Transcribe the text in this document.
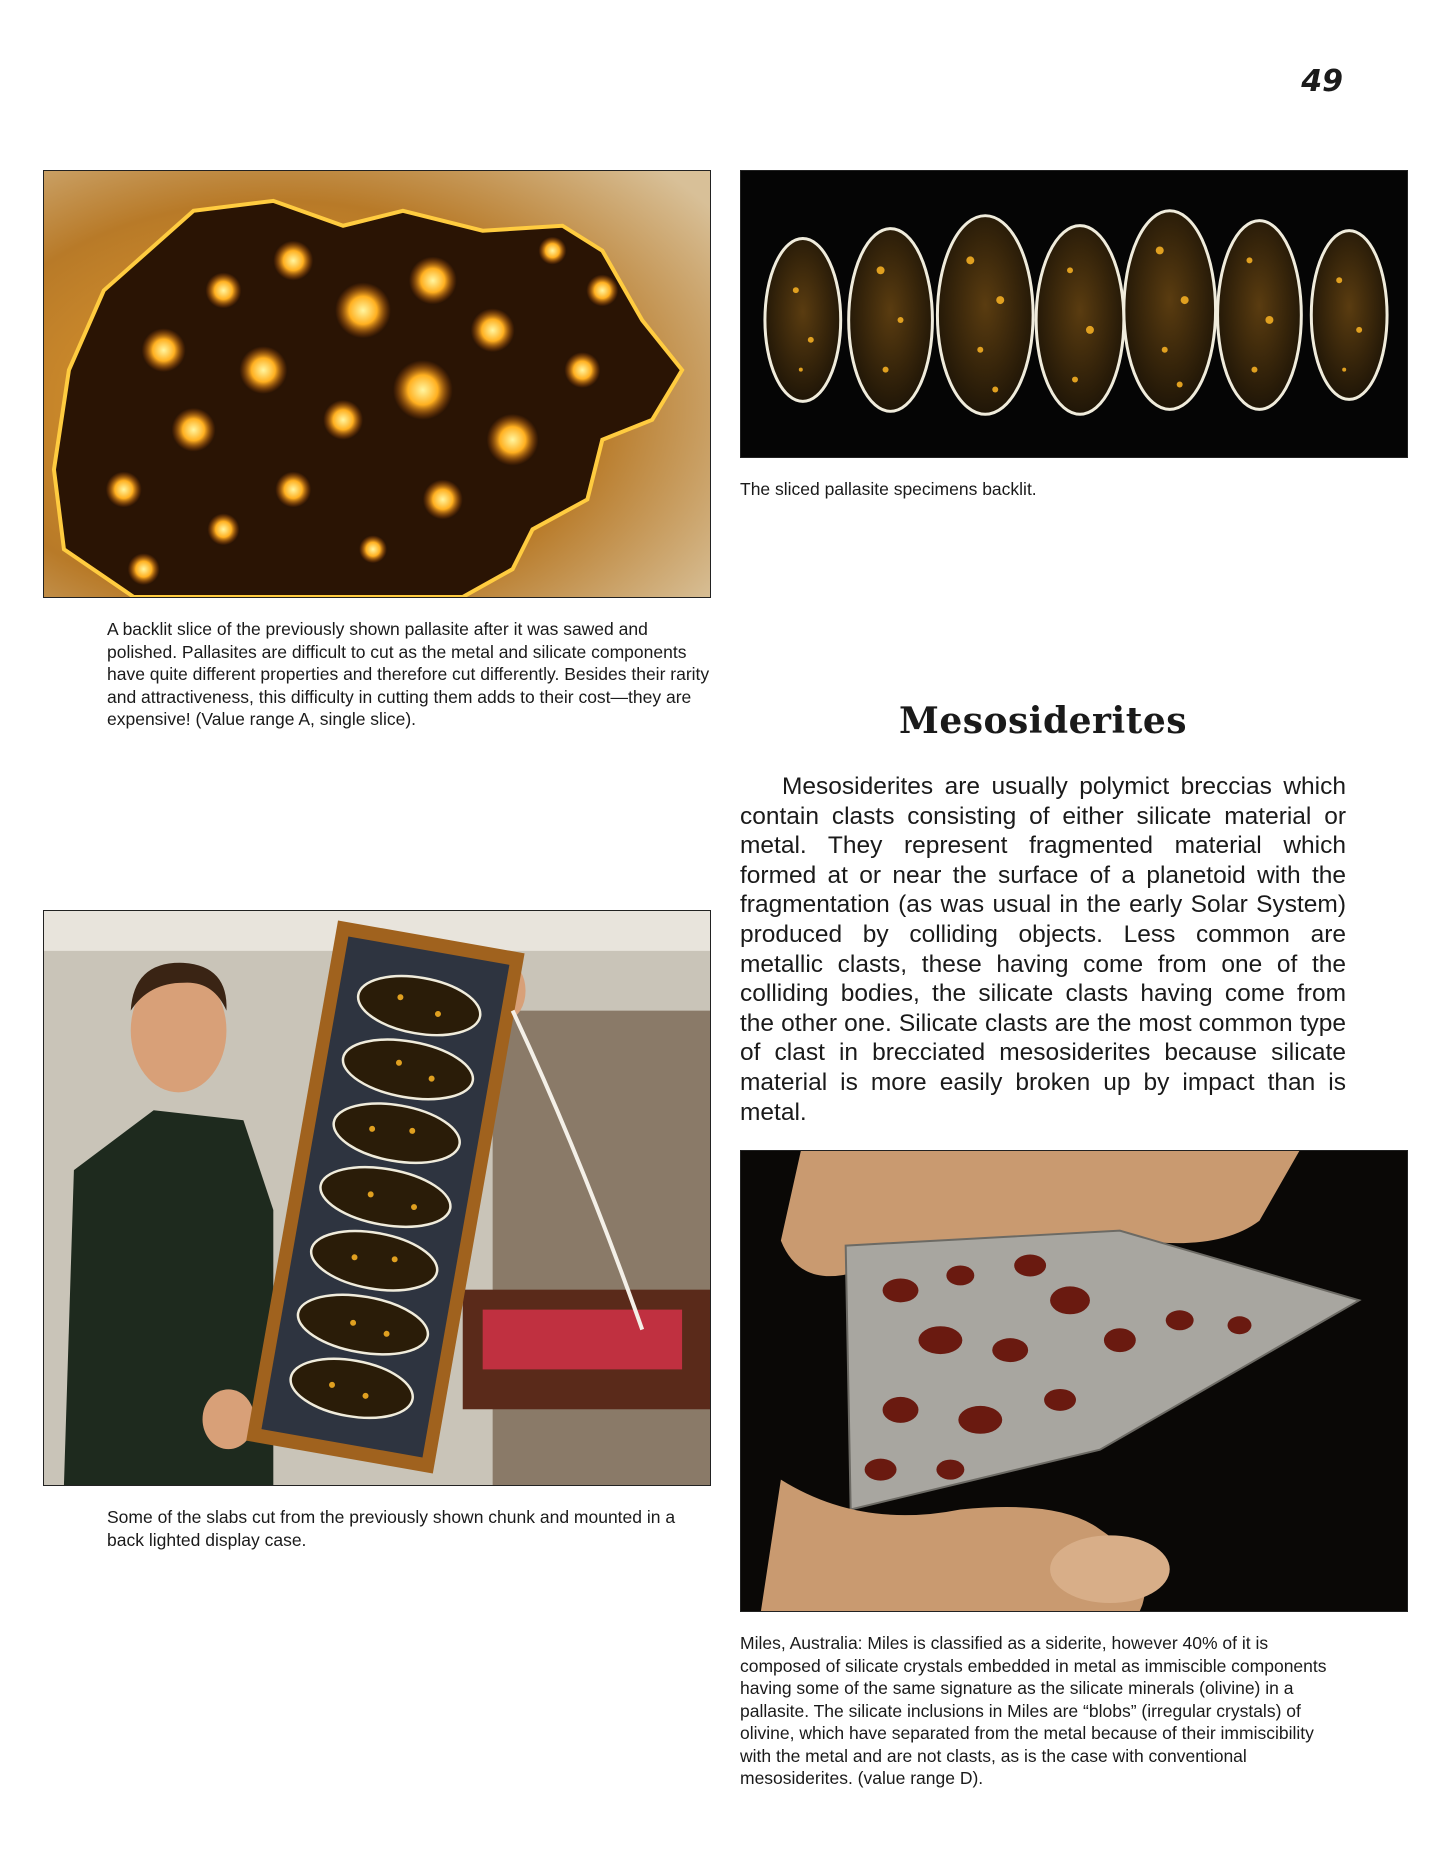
49
The sliced pallasite specimens backlit.
A backlit slice of the previously shown pallasite after it was sawed and polished. Pallasites are difficult to cut as the metal and silicate components have quite different properties and therefore cut differently. Besides their rarity and attractiveness, this difficulty in cutting them adds to their cost—they are expensive! (Value range A, single slice).	Mesosiderites
Mesosiderites are usually polymict breccias which contain clasts consisting of either silicate material or metal. They represent fragmented material which formed at or near the surface of a planetoid with the fragmentation (as was usual in the early Solar System) produced by colliding objects. Less common are metallic clasts, these having come from one of the colliding bodies, the silicate clasts having come from the other one. Silicate clasts are the most common type of clast in brecciated mesosiderites because silicate material is more easily broken up by impact than is metal.
Some of the slabs cut from the previously shown chunk and mounted in a back lighted display case.
Miles, Australia: Miles is classified as a siderite, however 40% of it is composed of silicate crystals embedded in metal as immiscible components having some of the same signature as the silicate minerals (olivine) in a pallasite. The silicate inclusions in Miles are “blobs” (irregular crystals) of olivine, which have separated from the metal because of their immiscibility with the metal and are not clasts, as is the case with conventional mesosiderites. (value range D).
